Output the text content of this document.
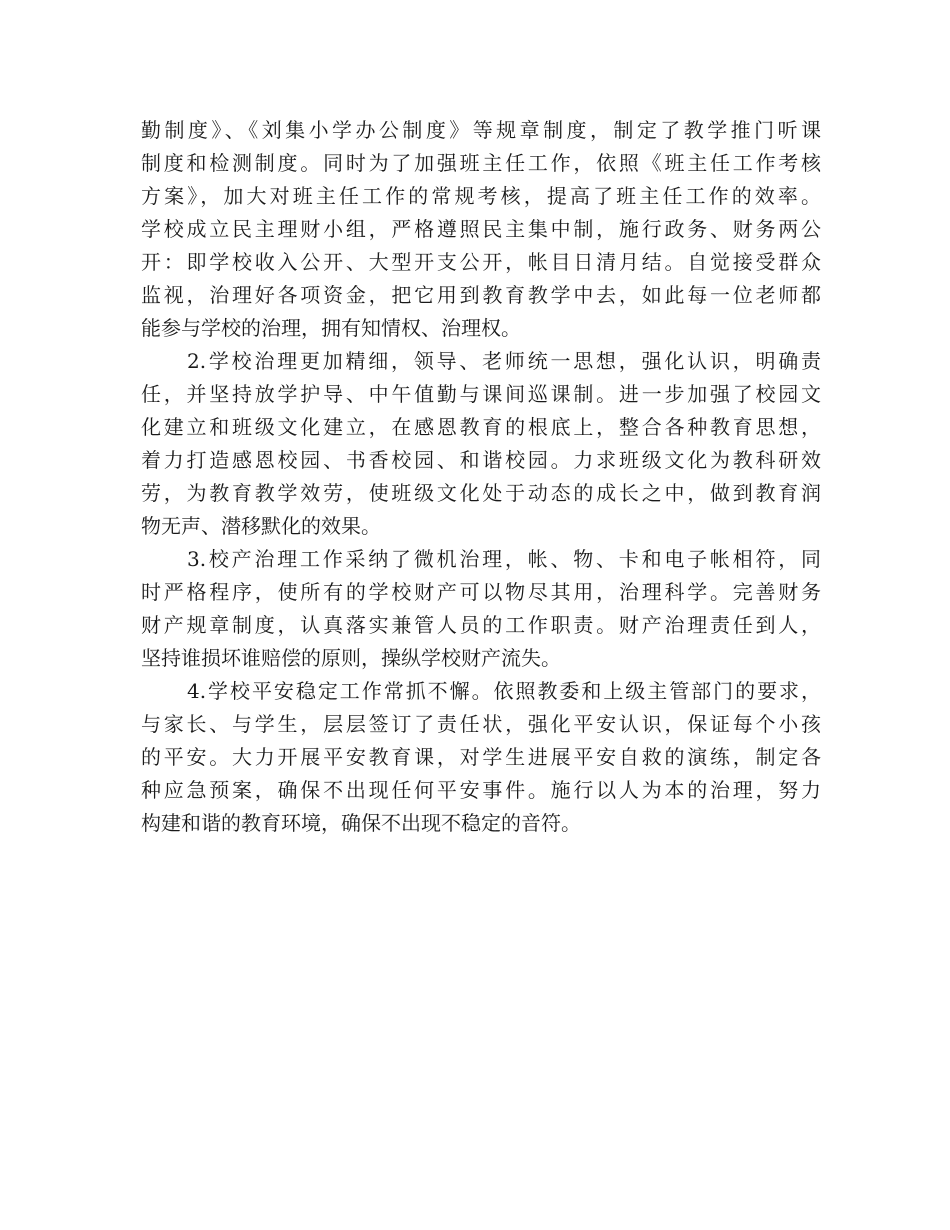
勤制度》、《刘集小学办公制度》等规章制度，制定了教学推门听课
制度和检测制度。同时为了加强班主任工作，依照《班主任工作考核
方案》，加大对班主任工作的常规考核，提高了班主任工作的效率。
学校成立民主理财小组，严格遵照民主集中制，施行政务、财务两公
开：即学校收入公开、大型开支公开，帐目日清月结。自觉接受群众
监视，治理好各项资金，把它用到教育教学中去，如此每一位老师都
能参与学校的治理，拥有知情权、治理权。
2.学校治理更加精细，领导、老师统一思想，强化认识，明确责
任，并坚持放学护导、中午值勤与课间巡课制。进一步加强了校园文
化建立和班级文化建立，在感恩教育的根底上，整合各种教育思想，
着力打造感恩校园、书香校园、和谐校园。力求班级文化为教科研效
劳，为教育教学效劳，使班级文化处于动态的成长之中，做到教育润
物无声、潜移默化的效果。
3.校产治理工作采纳了微机治理，帐、物、卡和电子帐相符，同
时严格程序，使所有的学校财产可以物尽其用，治理科学。完善财务
财产规章制度，认真落实兼管人员的工作职责。财产治理责任到人，
坚持谁损坏谁赔偿的原则，操纵学校财产流失。
4.学校平安稳定工作常抓不懈。依照教委和上级主管部门的要求，
与家长、与学生，层层签订了责任状，强化平安认识，保证每个小孩
的平安。大力开展平安教育课，对学生进展平安自救的演练，制定各
种应急预案，确保不出现任何平安事件。施行以人为本的治理，努力
构建和谐的教育环境，确保不出现不稳定的音符。
